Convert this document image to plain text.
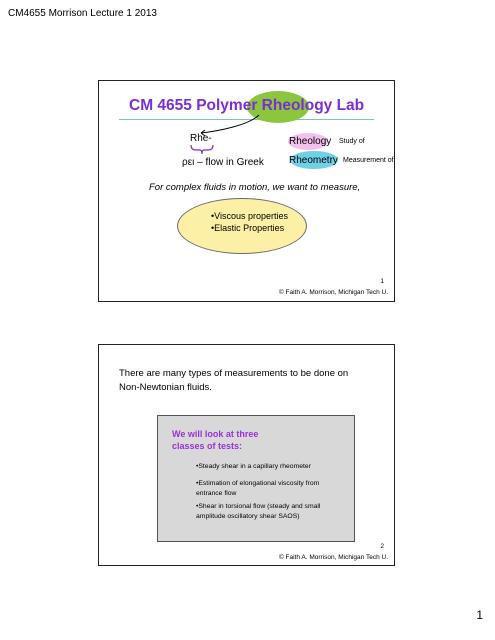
CM4655 Morrison Lecture 1 2013
CM 4655 Polymer Rheology Lab
Rhe-
ρει – flow in Greek
Rheology Study of
Rheometry Measurement of
For complex fluids in motion, we want to measure,
•Viscous properties
•Elastic Properties
1
© Faith A. Morrison, Michigan Tech U.
There are many types of measurements to be done on Non-Newtonian fluids.
We will look at three classes of tests:
•Steady shear in a capillary rheometer
•Estimation of elongational viscosity from entrance flow
•Shear in torsional flow (steady and small amplitude oscillatory shear SAOS)
2
© Faith A. Morrison, Michigan Tech U.
1
